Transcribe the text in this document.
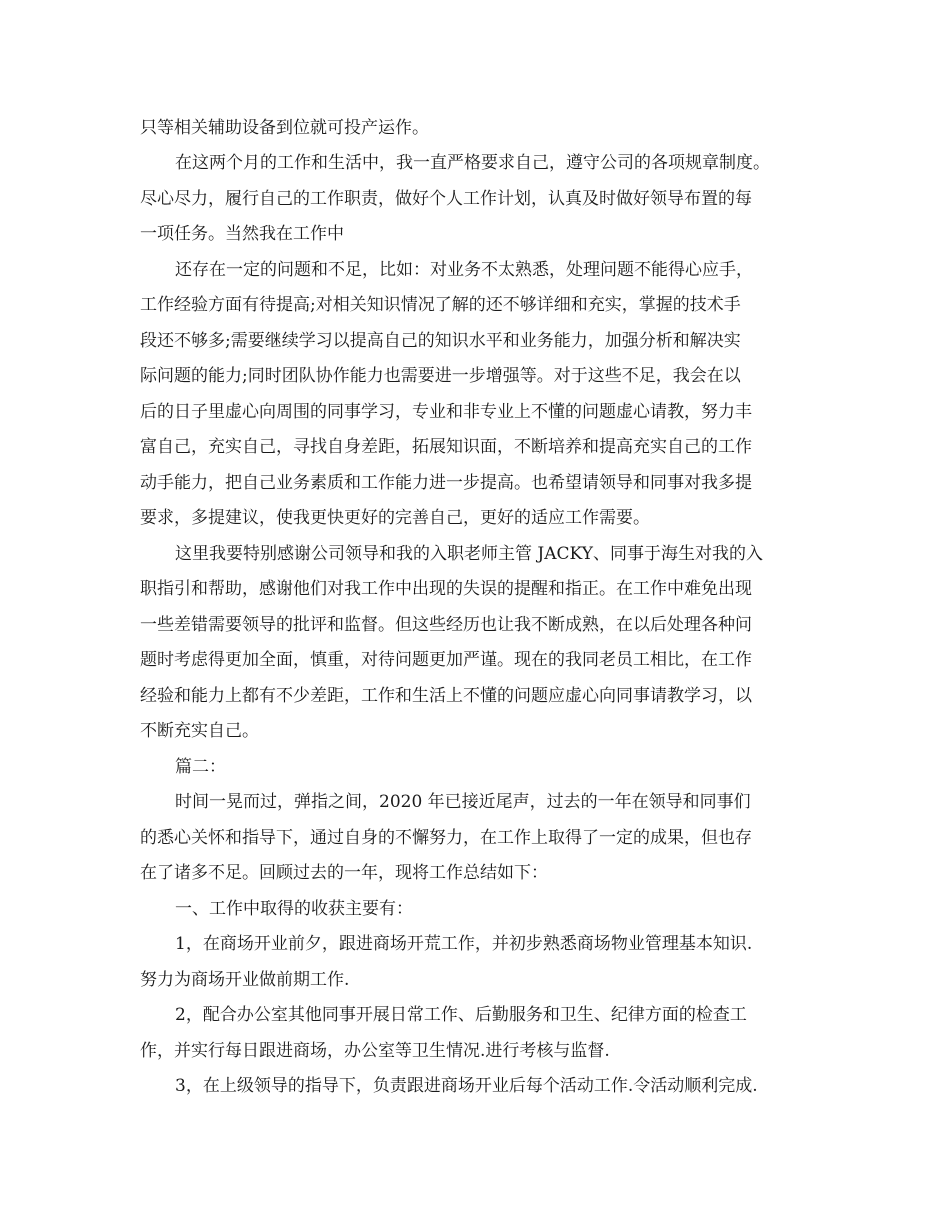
只等相关辅助设备到位就可投产运作。
在这两个月的工作和生活中，我一直严格要求自己，遵守公司的各项规章制度。
尽心尽力，履行自己的工作职责，做好个人工作计划，认真及时做好领导布置的每
一项任务。当然我在工作中
还存在一定的问题和不足，比如：对业务不太熟悉，处理问题不能得心应手，
工作经验方面有待提高;对相关知识情况了解的还不够详细和充实，掌握的技术手
段还不够多;需要继续学习以提高自己的知识水平和业务能力，加强分析和解决实
际问题的能力;同时团队协作能力也需要进一步增强等。对于这些不足，我会在以
后的日子里虚心向周围的同事学习，专业和非专业上不懂的问题虚心请教，努力丰
富自己，充实自己，寻找自身差距，拓展知识面，不断培养和提高充实自己的工作
动手能力，把自己业务素质和工作能力进一步提高。也希望请领导和同事对我多提
要求，多提建议，使我更快更好的完善自己，更好的适应工作需要。
这里我要特别感谢公司领导和我的入职老师主管 JACKY、同事于海生对我的入
职指引和帮助，感谢他们对我工作中出现的失误的提醒和指正。在工作中难免出现
一些差错需要领导的批评和监督。但这些经历也让我不断成熟，在以后处理各种问
题时考虑得更加全面，慎重，对待问题更加严谨。现在的我同老员工相比，在工作
经验和能力上都有不少差距，工作和生活上不懂的问题应虚心向同事请教学习，以
不断充实自己。
篇二：
时间一晃而过，弹指之间，2020 年已接近尾声，过去的一年在领导和同事们
的悉心关怀和指导下，通过自身的不懈努力，在工作上取得了一定的成果，但也存
在了诸多不足。回顾过去的一年，现将工作总结如下：
一、工作中取得的收获主要有：
1，在商场开业前夕，跟进商场开荒工作，并初步熟悉商场物业管理基本知识.
努力为商场开业做前期工作.
2，配合办公室其他同事开展日常工作、后勤服务和卫生、纪律方面的检查工
作，并实行每日跟进商场，办公室等卫生情况.进行考核与监督.
3，在上级领导的指导下，负责跟进商场开业后每个活动工作.令活动顺利完成.
